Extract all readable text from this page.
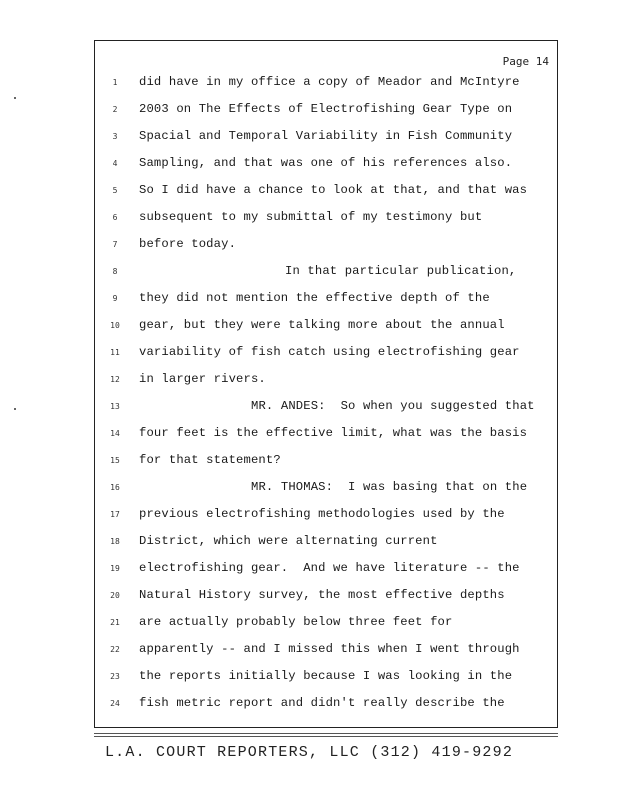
Page 14
1	did have in my office a copy of Meador and McIntyre
2	2003 on The Effects of Electrofishing Gear Type on
3	Spacial and Temporal Variability in Fish Community
4	Sampling, and that was one of his references also.
5	So I did have a chance to look at that, and that was
6	subsequent to my submittal of my testimony but
7	before today.
8	In that particular publication,
9	they did not mention the effective depth of the
10 gear, but they were talking more about the annual
11 variability of fish catch using electrofishing gear
12 in larger rivers.
13	MR. ANDES:  So when you suggested that
14 four feet is the effective limit, what was the basis
15 for that statement?
16	MR. THOMAS:  I was basing that on the
17 previous electrofishing methodologies used by the
18 District, which were alternating current
19 electrofishing gear.  And we have literature -- the
20 Natural History survey, the most effective depths
21 are actually probably below three feet for
22 apparently -- and I missed this when I went through
23 the reports initially because I was looking in the
24 fish metric report and didn't really describe the
L.A. COURT REPORTERS, LLC (312) 419-9292
